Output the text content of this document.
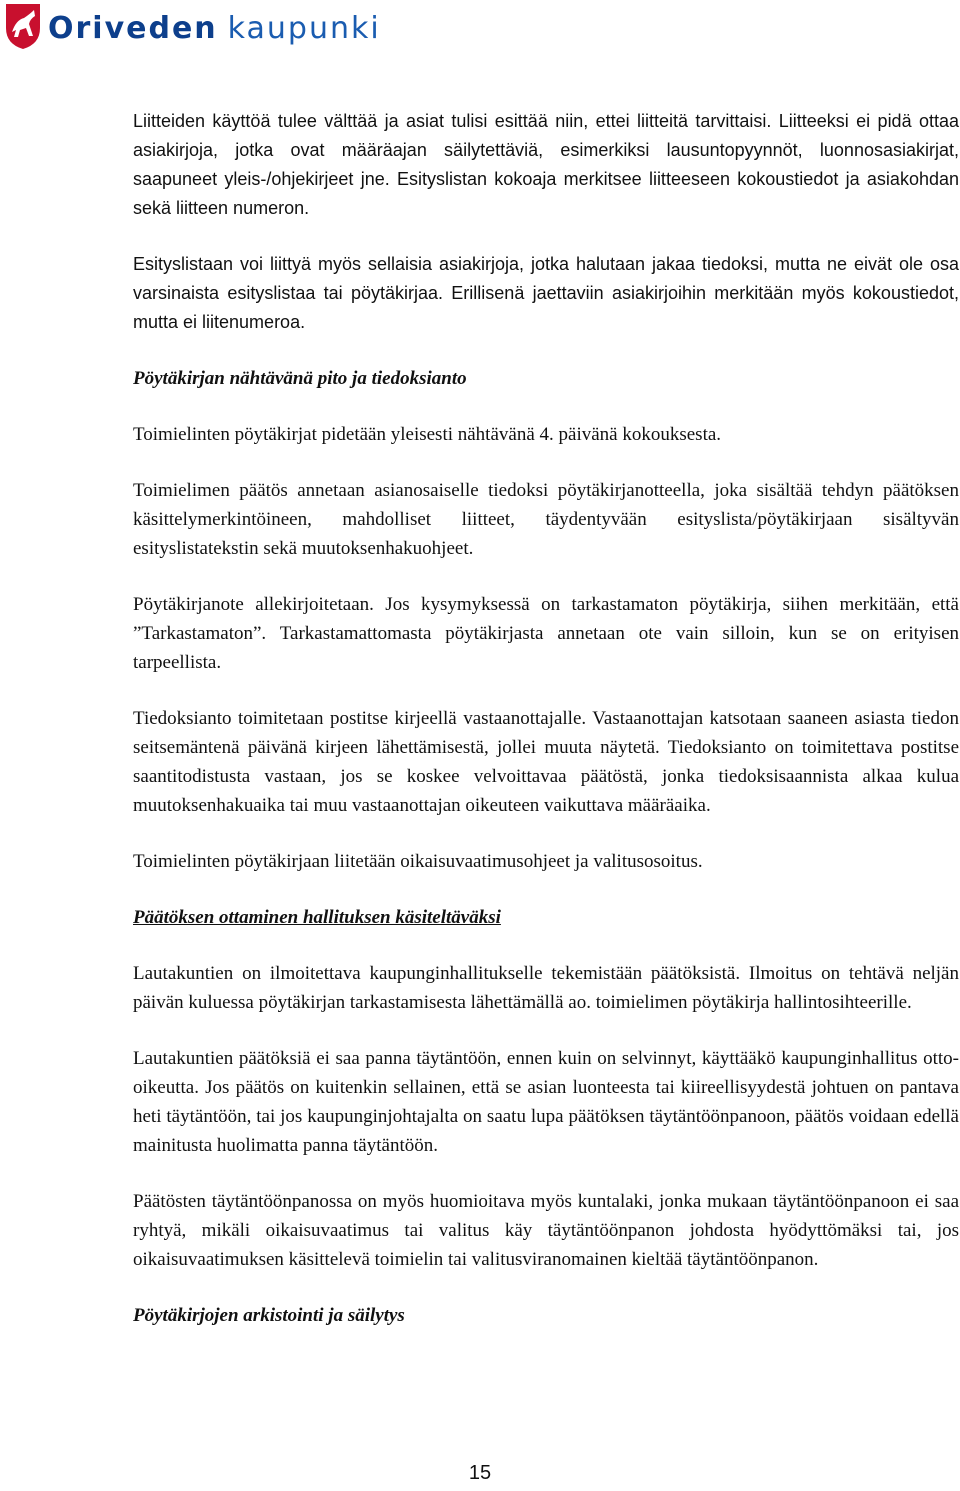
Oriveden kaupunki

Liitteiden käyttöä tulee välttää ja asiat tulisi esittää niin, ettei liitteitä tarvittaisi. Liitteeksi ei pidä ottaa asiakirjoja, jotka ovat määräajan säilytettäviä, esimerkiksi lausuntopyynnöt, luonnosasiakirjat, saapuneet yleis-/ohjekirjeet jne. Esityslistan kokoaja merkitsee liitteeseen kokoustiedot ja asiakohdan sekä liitteen numeron.

Esityslistaan voi liittyä myös sellaisia asiakirjoja, jotka halutaan jakaa tiedoksi, mutta ne eivät ole osa varsinaista esityslistaa tai pöytäkirjaa. Erillisenä jaettaviin asiakirjoihin merkitään myös kokoustiedot, mutta ei liitenumeroa.

Pöytäkirjan nähtävänä pito ja tiedoksianto

Toimielinten pöytäkirjat pidetään yleisesti nähtävänä 4. päivänä kokouksesta.

Toimielimen päätös annetaan asianosaiselle tiedoksi pöytäkirjanotteella, joka sisältää tehdyn päätöksen käsittelymerkintöineen, mahdolliset liitteet, täydentyvään esityslista/pöytäkirjaan sisältyvän esityslistatekstin sekä muutoksenhakuohjeet.

Pöytäkirjanote allekirjoitetaan. Jos kysymyksessä on tarkastamaton pöytäkirja, siihen merkitään, että ”Tarkastamaton”. Tarkastamattomasta pöytäkirjasta annetaan ote vain silloin, kun se on erityisen tarpeellista.

Tiedoksianto toimitetaan postitse kirjeellä vastaanottajalle. Vastaanottajan katsotaan saaneen asiasta tiedon seitsemäntenä päivänä kirjeen lähettämisestä, jollei muuta näytetä. Tiedoksianto on toimitettava postitse saantitodistusta vastaan, jos se koskee velvoittavaa päätöstä, jonka tiedoksisaannista alkaa kulua muutoksenhakuaika tai muu vastaanottajan oikeuteen vaikuttava määräaika.

Toimielinten pöytäkirjaan liitetään oikaisuvaatimusohjeet ja valitusosoitus.

Päätöksen ottaminen hallituksen käsiteltäväksi

Lautakuntien on ilmoitettava kaupunginhallitukselle tekemistään päätöksistä. Ilmoitus on tehtävä neljän päivän kuluessa pöytäkirjan tarkastamisesta lähettämällä ao. toimielimen pöytäkirja hallintosihteerille.

Lautakuntien päätöksiä ei saa panna täytäntöön, ennen kuin on selvinnyt, käyttääkö kaupunginhallitus otto-oikeutta. Jos päätös on kuitenkin sellainen, että se asian luonteesta tai kiireellisyydestä johtuen on pantava heti täytäntöön, tai jos kaupunginjohtajalta on saatu lupa päätöksen täytäntöönpanoon, päätös voidaan edellä mainitusta huolimatta panna täytäntöön.

Päätösten täytäntöönpanossa on myös huomioitava myös kuntalaki, jonka mukaan täytäntöönpanoon ei saa ryhtyä, mikäli oikaisuvaatimus tai valitus käy täytäntöönpanon johdosta hyödyttömäksi tai, jos oikaisuvaatimuksen käsittelevä toimielin tai valitusviranomainen kieltää täytäntöönpanon.

Pöytäkirjojen arkistointi ja säilytys

15
